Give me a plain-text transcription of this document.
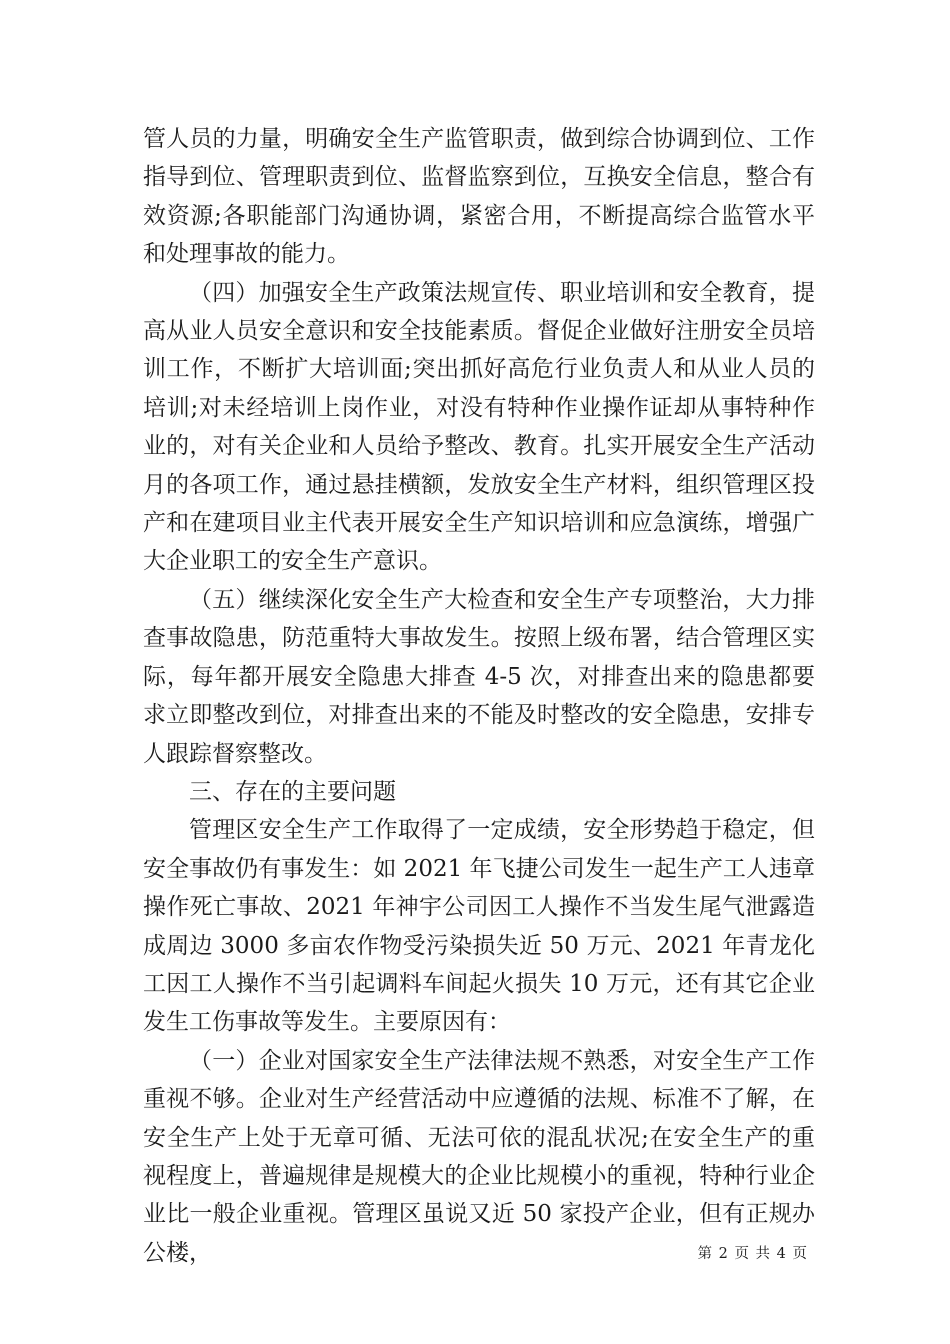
管人员的力量，明确安全生产监管职责，做到综合协调到位、工作指导到位、管理职责到位、监督监察到位，互换安全信息，整合有效资源;各职能部门沟通协调，紧密合用，不断提高综合监管水平和处理事故的能力。

（四）加强安全生产政策法规宣传、职业培训和安全教育，提高从业人员安全意识和安全技能素质。督促企业做好注册安全员培训工作，不断扩大培训面;突出抓好高危行业负责人和从业人员的培训;对未经培训上岗作业，对没有特种作业操作证却从事特种作业的，对有关企业和人员给予整改、教育。扎实开展安全生产活动月的各项工作，通过悬挂横额，发放安全生产材料，组织管理区投产和在建项目业主代表开展安全生产知识培训和应急演练，增强广大企业职工的安全生产意识。

（五）继续深化安全生产大检查和安全生产专项整治，大力排查事故隐患，防范重特大事故发生。按照上级布署，结合管理区实际，每年都开展安全隐患大排查 4-5 次，对排查出来的隐患都要求立即整改到位，对排查出来的不能及时整改的安全隐患，安排专人跟踪督察整改。

三、存在的主要问题

管理区安全生产工作取得了一定成绩，安全形势趋于稳定，但安全事故仍有事发生：如 2021 年飞捷公司发生一起生产工人违章操作死亡事故、2021 年神宇公司因工人操作不当发生尾气泄露造成周边 3000 多亩农作物受污染损失近 50 万元、2021 年青龙化工因工人操作不当引起调料车间起火损失 10 万元，还有其它企业发生工伤事故等发生。主要原因有：

（一）企业对国家安全生产法律法规不熟悉，对安全生产工作重视不够。企业对生产经营活动中应遵循的法规、标准不了解，在安全生产上处于无章可循、无法可依的混乱状况;在安全生产的重视程度上，普遍规律是规模大的企业比规模小的重视，特种行业企业比一般企业重视。管理区虽说又近 50 家投产企业，但有正规办公楼，	第 2 页 共 4 页
